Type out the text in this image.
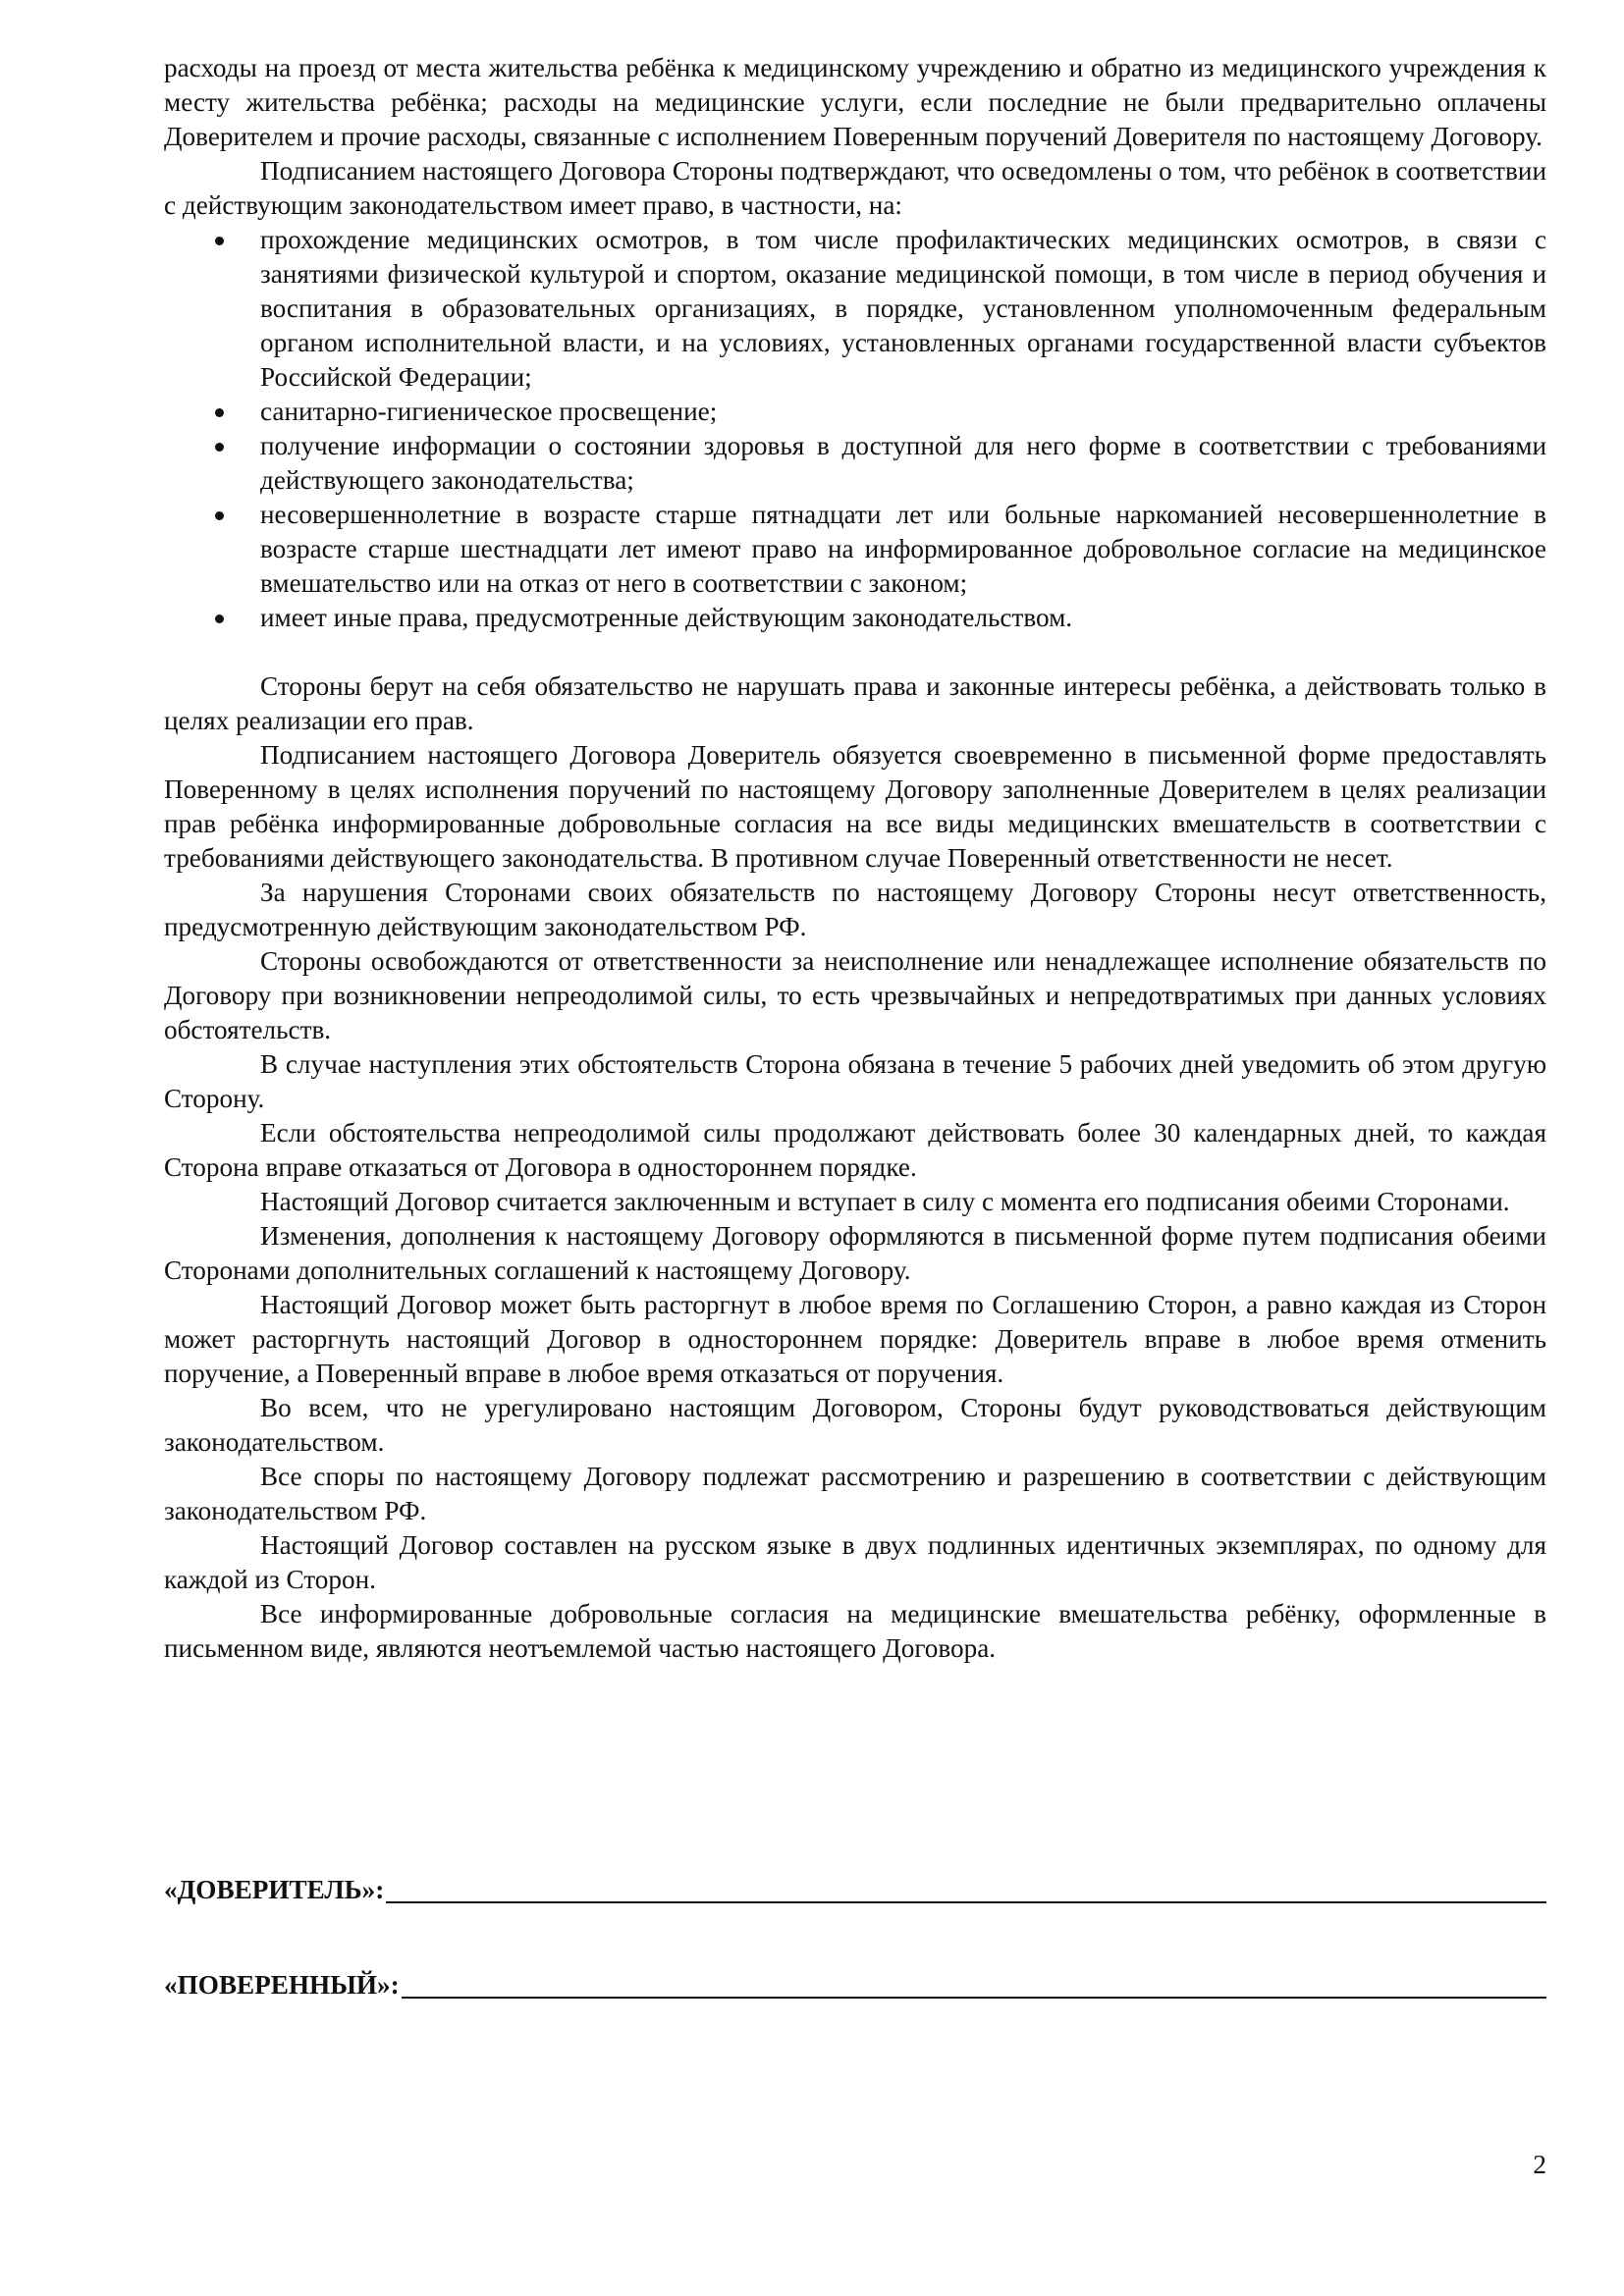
расходы на проезд от места жительства ребёнка к медицинскому учреждению и обратно из медицинского учреждения к месту жительства ребёнка; расходы на медицинские услуги, если последние не были предварительно оплачены Доверителем и прочие расходы, связанные с исполнением Поверенным поручений Доверителя по настоящему Договору.

Подписанием настоящего Договора Стороны подтверждают, что осведомлены о том, что ребёнок в соответствии с действующим законодательством имеет право, в частности, на:

прохождение медицинских осмотров, в том числе профилактических медицинских осмотров, в связи с занятиями физической культурой и спортом, оказание медицинской помощи, в том числе в период обучения и воспитания в образовательных организациях, в порядке, установленном уполномоченным федеральным органом исполнительной власти, и на условиях, установленных органами государственной власти субъектов Российской Федерации;
санитарно-гигиеническое просвещение;
получение информации о состоянии здоровья в доступной для него форме в соответствии с требованиями действующего законодательства;
несовершеннолетние в возрасте старше пятнадцати лет или больные наркоманией несовершеннолетние в возрасте старше шестнадцати лет имеют право на информированное добровольное согласие на медицинское вмешательство или на отказ от него в соответствии с законом;
имеет иные права, предусмотренные действующим законодательством.

Стороны берут на себя обязательство не нарушать права и законные интересы ребёнка, а действовать только в целях реализации его прав.

Подписанием настоящего Договора Доверитель обязуется своевременно в письменной форме предоставлять Поверенному в целях исполнения поручений по настоящему Договору заполненные Доверителем в целях реализации прав ребёнка информированные добровольные согласия на все виды медицинских вмешательств в соответствии с требованиями действующего законодательства. В противном случае Поверенный ответственности не несет.

За нарушения Сторонами своих обязательств по настоящему Договору Стороны несут ответственность, предусмотренную действующим законодательством РФ.

Стороны освобождаются от ответственности за неисполнение или ненадлежащее исполнение обязательств по Договору при возникновении непреодолимой силы, то есть чрезвычайных и непредотвратимых при данных условиях обстоятельств.

В случае наступления этих обстоятельств Сторона обязана в течение 5 рабочих дней уведомить об этом другую Сторону.

Если обстоятельства непреодолимой силы продолжают действовать более 30 календарных дней, то каждая Сторона вправе отказаться от Договора в одностороннем порядке.

Настоящий Договор считается заключенным и вступает в силу с момента его подписания обеими Сторонами.

Изменения, дополнения к настоящему Договору оформляются в письменной форме путем подписания обеими Сторонами дополнительных соглашений к настоящему Договору.

Настоящий Договор может быть расторгнут в любое время по Соглашению Сторон, а равно каждая из Сторон может расторгнуть настоящий Договор в одностороннем порядке: Доверитель вправе в любое время отменить поручение, а Поверенный вправе в любое время отказаться от поручения.

Во всем, что не урегулировано настоящим Договором, Стороны будут руководствоваться действующим законодательством.

Все споры по настоящему Договору подлежат рассмотрению и разрешению в соответствии с действующим законодательством РФ.

Настоящий Договор составлен на русском языке в двух подлинных идентичных экземплярах, по одному для каждой из Сторон.

Все информированные добровольные согласия на медицинские вмешательства ребёнку, оформленные в письменном виде, являются неотъемлемой частью настоящего Договора.

«ДОВЕРИТЕЛЬ»:
«ПОВЕРЕННЫЙ»:
2
